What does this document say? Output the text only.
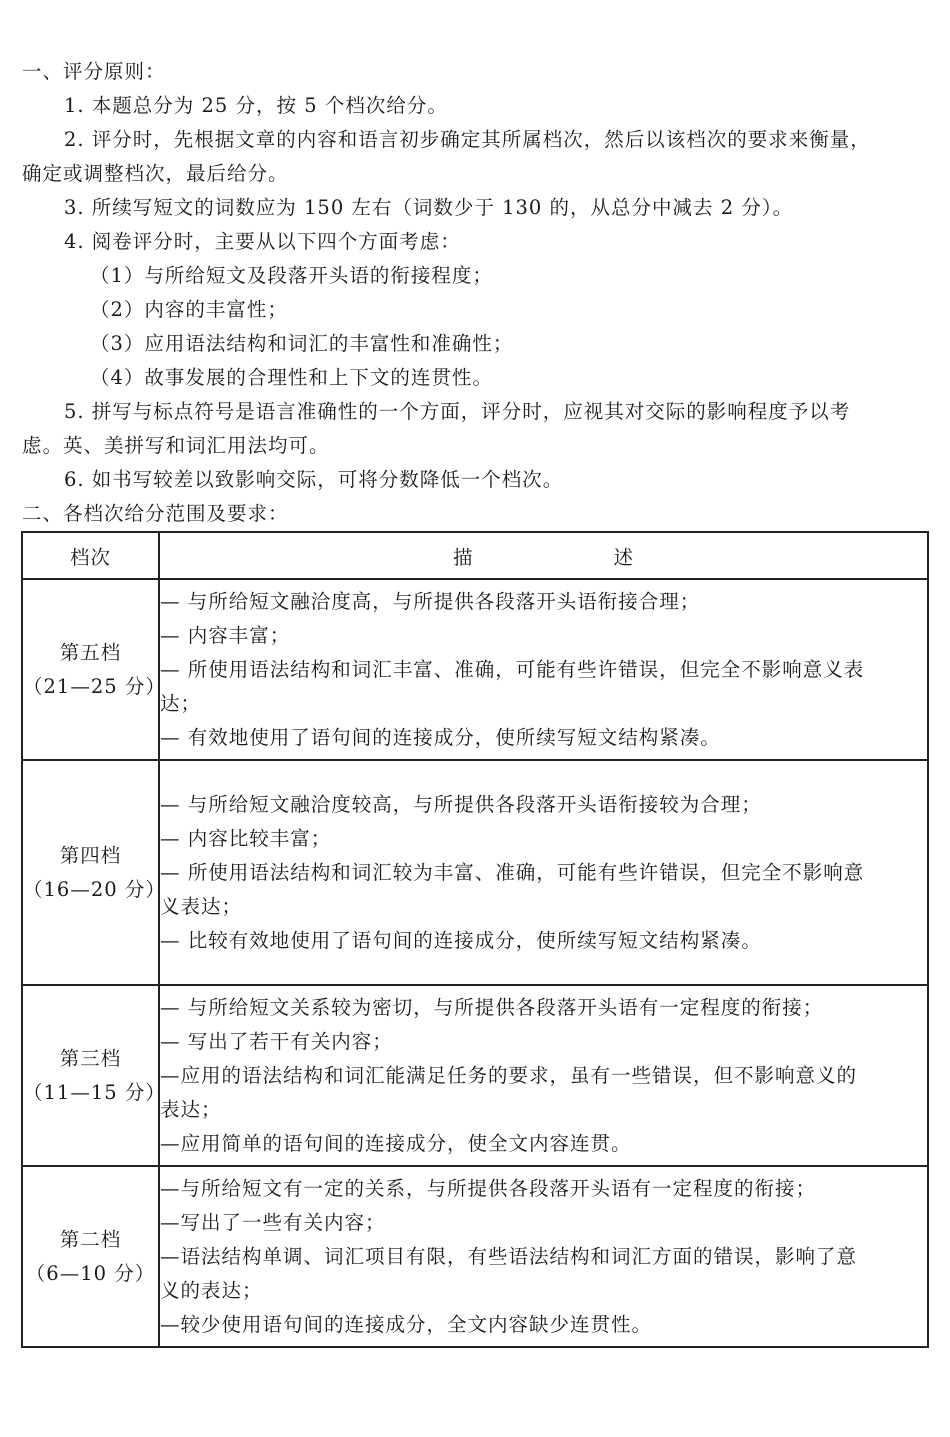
一、评分原则：
1. 本题总分为 25 分，按 5 个档次给分。
2. 评分时，先根据文章的内容和语言初步确定其所属档次，然后以该档次的要求来衡量，
确定或调整档次，最后给分。
3. 所续写短文的词数应为 150 左右（词数少于 130 的，从总分中减去 2 分）。
4. 阅卷评分时，主要从以下四个方面考虑：
（1）与所给短文及段落开头语的衔接程度；
（2）内容的丰富性；
（3）应用语法结构和词汇的丰富性和准确性；
（4）故事发展的合理性和上下文的连贯性。
5. 拼写与标点符号是语言准确性的一个方面，评分时，应视其对交际的影响程度予以考
虑。英、美拼写和词汇用法均可。
6. 如书写较差以致影响交际，可将分数降低一个档次。
二、各档次给分范围及要求：
档次	描 述

第五档
（21—25 分）	— 与所给短文融洽度高，与所提供各段落开头语衔接合理；
— 内容丰富；
— 所使用语法结构和词汇丰富、准确，可能有些许错误，但完全不影响意义表
达；
— 有效地使用了语句间的连接成分，使所续写短文结构紧凑。

第四档
（16—20 分）	— 与所给短文融洽度较高，与所提供各段落开头语衔接较为合理；
— 内容比较丰富；
— 所使用语法结构和词汇较为丰富、准确，可能有些许错误，但完全不影响意
义表达；
— 比较有效地使用了语句间的连接成分，使所续写短文结构紧凑。

第三档
（11—15 分）	— 与所给短文关系较为密切，与所提供各段落开头语有一定程度的衔接；
— 写出了若干有关内容；
—应用的语法结构和词汇能满足任务的要求，虽有一些错误，但不影响意义的
表达；
—应用简单的语句间的连接成分，使全文内容连贯。

第二档
（6—10 分）	—与所给短文有一定的关系，与所提供各段落开头语有一定程度的衔接；
—写出了一些有关内容；
—语法结构单调、词汇项目有限，有些语法结构和词汇方面的错误，影响了意
义的表达；
—较少使用语句间的连接成分，全文内容缺少连贯性。
